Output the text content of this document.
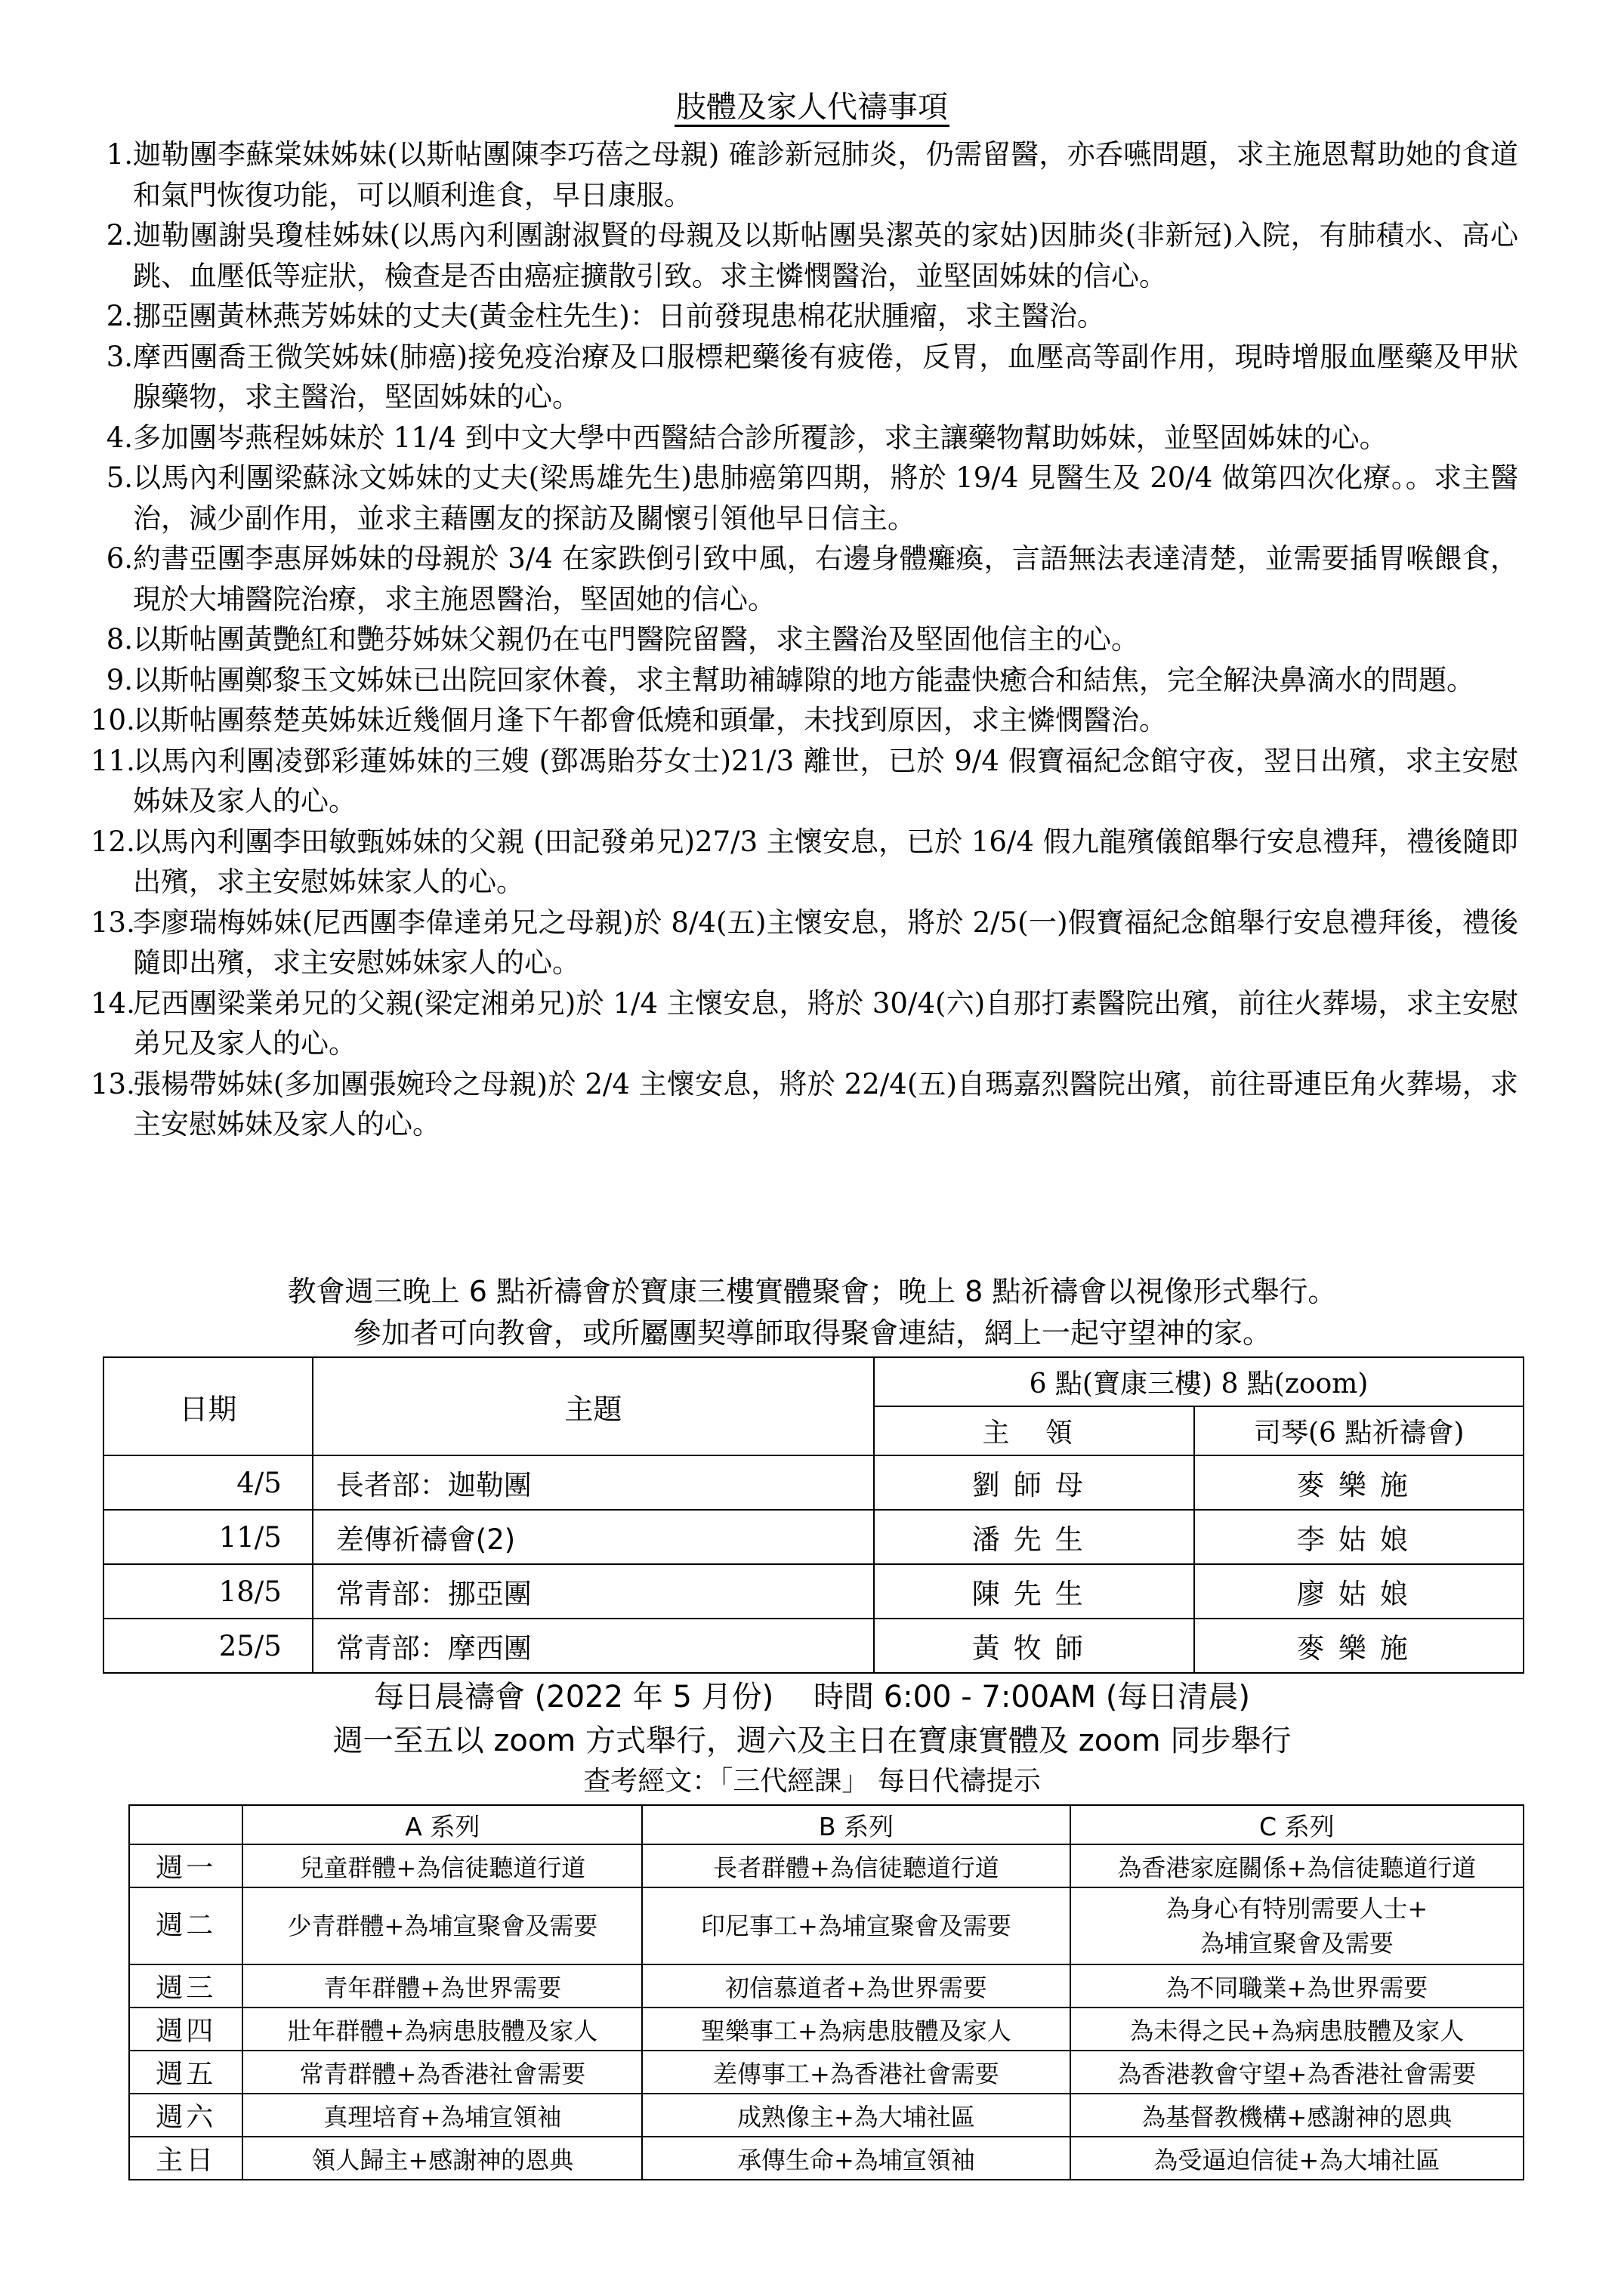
肢體及家人代禱事項
1. 迦勒團李蘇棠妹姊妹(以斯帖團陳李巧蓓之母親) 確診新冠肺炎，仍需留醫，亦呑嚥問題，求主施恩幫助她的食道和氣門恢復功能，可以順利進食，早日康服。
2. 迦勒團謝吳瓊桂姊妹(以馬內利團謝淑賢的母親及以斯帖團吳潔英的家姑)因肺炎(非新冠)入院，有肺積水、高心跳、血壓低等症狀，檢查是否由癌症擴散引致。求主憐憫醫治，並堅固姊妹的信心。
2. 挪亞團黃林燕芳姊妹的丈夫(黃金柱先生)：日前發現患棉花狀腫瘤，求主醫治。
3. 摩西團喬王微笑姊妹(肺癌)接免疫治療及口服標耙藥後有疲倦，反胃，血壓高等副作用，現時增服血壓藥及甲狀腺藥物，求主醫治，堅固姊妹的心。
4. 多加團岑燕程姊妹於 11/4 到中文大學中西醫結合診所覆診，求主讓藥物幫助姊妹，並堅固姊妹的心。
5. 以馬內利團梁蘇泳文姊妹的丈夫(梁馬雄先生)患肺癌第四期，將於 19/4 見醫生及 20/4 做第四次化療。。求主醫治，減少副作用，並求主藉團友的探訪及關懷引領他早日信主。
6. 約書亞團李惠屏姊妹的母親於 3/4 在家跌倒引致中風，右邊身體癱瘓，言語無法表達清楚，並需要插胃喉餵食，現於大埔醫院治療，求主施恩醫治，堅固她的信心。
8. 以斯帖團黃艷紅和艷芬姊妹父親仍在屯門醫院留醫，求主醫治及堅固他信主的心。
9. 以斯帖團鄭黎玉文姊妹已出院回家休養，求主幫助補罅隙的地方能盡快癒合和結焦，完全解決鼻滴水的問題。
10.
以斯帖團蔡楚英姊妹近幾個月逢下午都會低燒和頭暈，未找到原因，求主憐憫醫治。
11.
以馬內利團凌鄧彩蓮姊妹的三嫂 (鄧馮貽芬女士)21/3 離世，已於 9/4 假寶福紀念館守夜，翌日出殯，求主安慰姊妹及家人的心。
12.
以馬內利團李田敏甄姊妹的父親 (田記發弟兄)27/3 主懷安息，已於 16/4 假九龍殯儀館舉行安息禮拜，禮後隨即出殯，求主安慰姊妹家人的心。
13.
李廖瑞梅姊妹(尼西團李偉達弟兄之母親)於 8/4(五)主懷安息，將於 2/5(一)假寶福紀念館舉行安息禮拜後，禮後隨即出殯，求主安慰姊妹家人的心。
14.
尼西團梁業弟兄的父親(梁定湘弟兄)於 1/4 主懷安息，將於 30/4(六)自那打素醫院出殯，前往火葬場，求主安慰弟兄及家人的心。
13.
張楊帶姊妹(多加團張婉玲之母親)於 2/4 主懷安息，將於 22/4(五)自瑪嘉烈醫院出殯，前往哥連臣角火葬場，求主安慰姊妹及家人的心。
教會週三晚上 6 點祈禱會於寶康三樓實體聚會；晚上 8 點祈禱會以視像形式舉行。
參加者可向教會，或所屬團契導師取得聚會連結，網上一起守望神的家。
日期	主題	6 點(寶康三樓) 8 點(zoom)	
		主 領	司琴(6 點祈禱會)
4/5	長者部：迦勒團	劉師母	麥樂施
11/5	差傳祈禱會(2)	潘先生	李姑娘
18/5	常青部：挪亞團	陳先生	廖姑娘
25/5	常青部：摩西團	黃牧師	麥樂施
每日晨禱會 (2022 年 5 月份)　 時間 6:00 - 7:00AM (每日清晨)
週一至五以 zoom 方式舉行，週六及主日在寶康實體及 zoom 同步舉行
查考經文：「三代經課」 每日代禱提示
	A 系列	B 系列	C 系列
週一	兒童群體+為信徒聽道行道	長者群體+為信徒聽道行道	為香港家庭關係+為信徒聽道行道
週二	少青群體+為埔宣聚會及需要	印尼事工+為埔宣聚會及需要	為身心有特別需要人士+
為埔宣聚會及需要

週三	青年群體+為世界需要	初信慕道者+為世界需要	為不同職業+為世界需要
週四	壯年群體+為病患肢體及家人	聖樂事工+為病患肢體及家人	為未得之民+為病患肢體及家人
週五	常青群體+為香港社會需要	差傳事工+為香港社會需要	為香港教會守望+為香港社會需要
週六	真理培育+為埔宣領袖	成熟像主+為大埔社區	為基督教機構+感謝神的恩典
主日	領人歸主+感謝神的恩典	承傳生命+為埔宣領袖	為受逼迫信徒+為大埔社區
